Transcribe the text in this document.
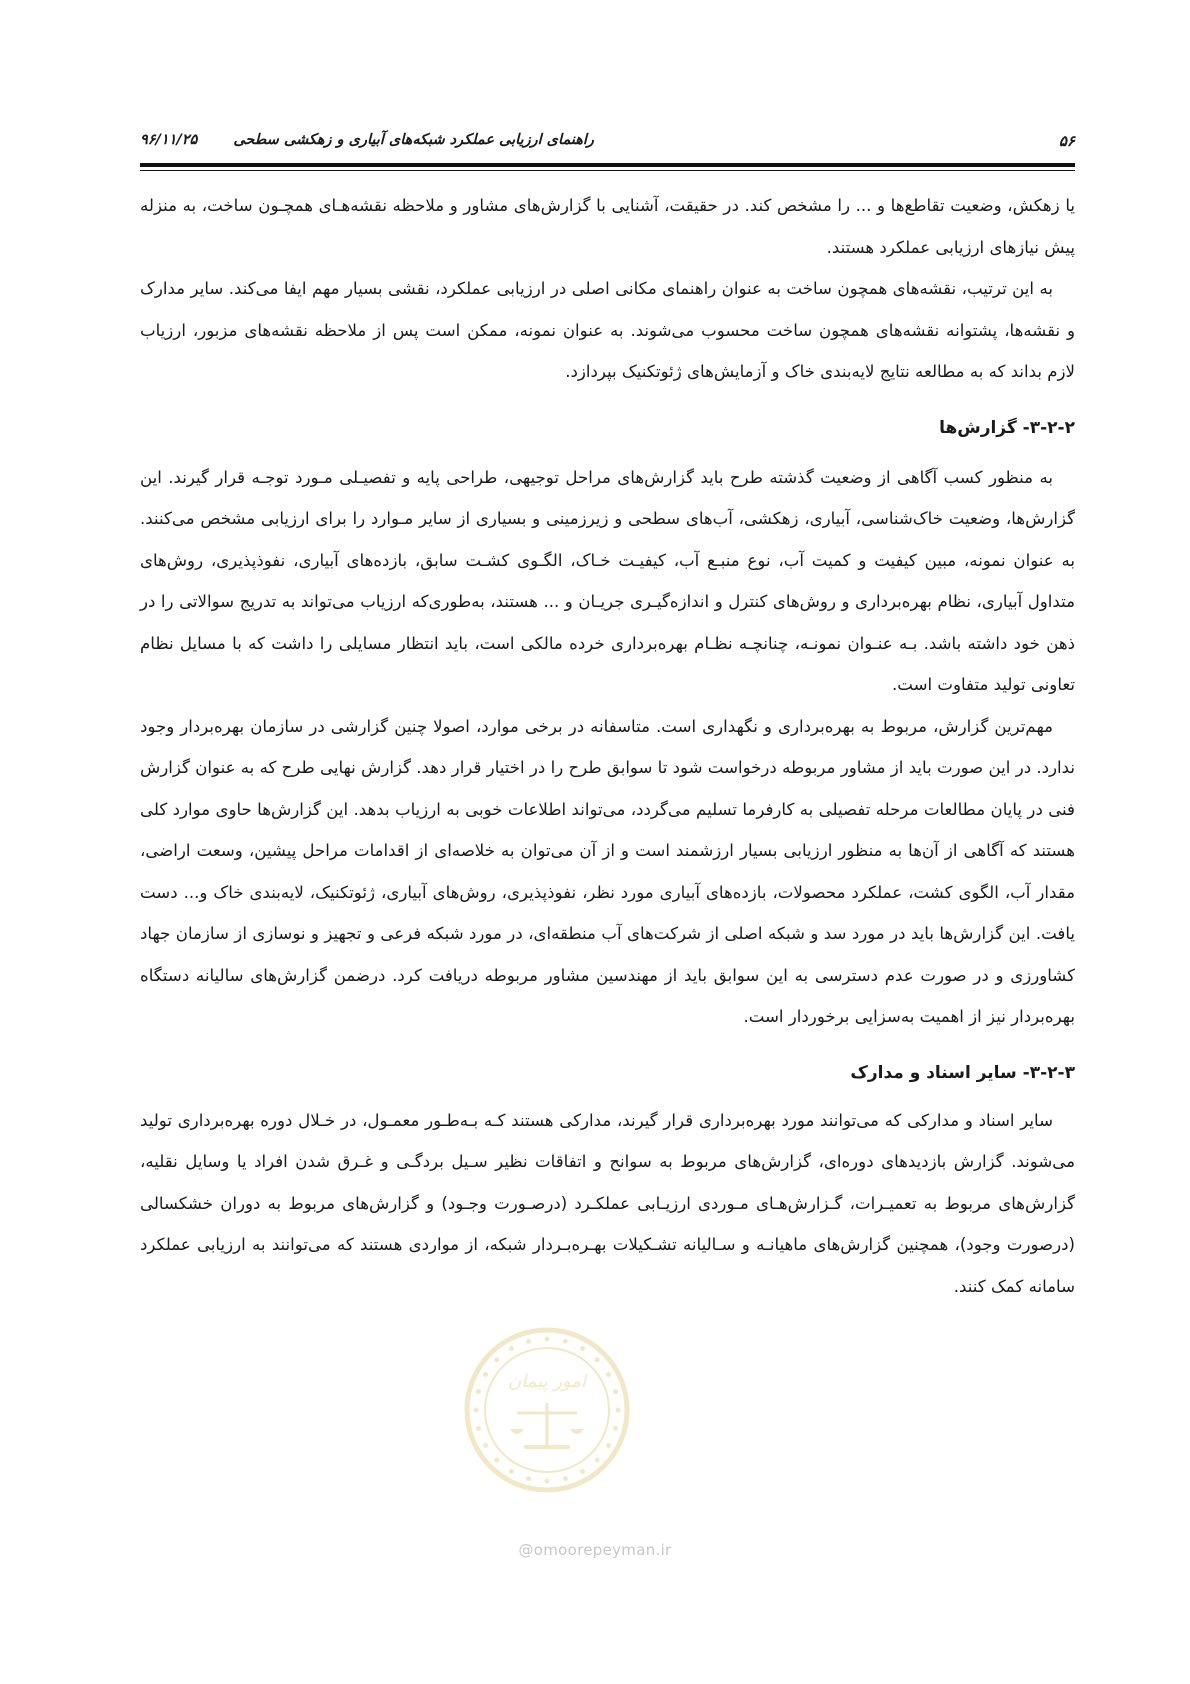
۵۶
راهنمای ارزیابی عملکرد شبکه‌های آبیاری و زهکشی سطحی۹۶/۱۱/۲۵

یا زهکش، وضعیت تقاطع‌ها و ... را مشخص کند. در حقیقت، آشنایی با گزارش‌های مشاور و ملاحظه نقشه‌هـای همچـون ساخت، به منزله پیش نیازهای ارزیابی عملکرد هستند.

به این ترتیب، نقشه‌های همچون ساخت به عنوان راهنمای مکانی اصلی در ارزیابی عملکرد، نقشی بسیار مهم ایفا می‌کند. سایر مدارک و نقشه‌ها، پشتوانه نقشه‌های همچون ساخت محسوب می‌شوند. به عنوان نمونه، ممکن است پس از ملاحظه نقشه‌های مزبور، ارزیاب لازم بداند که به مطالعه نتایج لایه‌بندی خاک و آزمایش‌های ژئوتکنیک بپردازد.

۳-۲-۲- گزارش‌ها

به منظور کسب آگاهی از وضعیت گذشته طرح باید گزارش‌های مراحل توجیهی، طراحی پایه و تفصیـلی مـورد توجـه قرار گیرند. این گزارش‌ها، وضعیت خاک‌شناسی، آبیاری، زهکشی، آب‌های سطحی و زیرزمینی و بسیاری از سایر مـوارد را برای ارزیابی مشخص می‌کنند. به عنوان نمونه، مبین کیفیت و کمیت آب، نوع منبـع آب، کیفیـت خـاک، الگـوی کشـت سابق، بازده‌های آبیاری، نفوذپذیری، روش‌های متداول آبیاری، نظام بهره‌برداری و روش‌های کنترل و اندازه‌گیـری جریـان و ... هستند، به‌طوری‌که ارزیاب می‌تواند به تدریج سوالاتی را در ذهن خود داشته باشد. بـه عنـوان نمونـه، چنانچـه نظـام بهره‌برداری خرده مالکی است، باید انتظار مسایلی را داشت که با مسایل نظام تعاونی تولید متفاوت است.

مهم‌ترین گزارش، مربوط به بهره‌برداری و نگهداری است. متاسفانه در برخی موارد، اصولا چنین گزارشی در سازمان بهره‌بردار وجود ندارد. در این صورت باید از مشاور مربوطه درخواست شود تا سوابق طرح را در اختیار قرار دهد. گزارش نهایی طرح که به عنوان گزارش فنی در پایان مطالعات مرحله تفصیلی به کارفرما تسلیم می‌گردد، می‌تواند اطلاعات خوبی به ارزیاب بدهد. این گزارش‌ها حاوی موارد کلی هستند که آگاهی از آن‌ها به منظور ارزیابی بسیار ارزشمند است و از آن می‌توان به خلاصه‌ای از اقدامات مراحل پیشین، وسعت اراضی، مقدار آب، الگوی کشت، عملکرد محصولات، بازده‌های آبیاری مورد نظر، نفوذپذیری، روش‌های آبیاری، ژئوتکنیک، لایه‌بندی خاک و... دست یافت. این گزارش‌ها باید در مورد سد و شبکه اصلی از شرکت‌های آب منطقه‌ای، در مورد شبکه فرعی و تجهیز و نوسازی از سازمان جهاد کشاورزی و در صورت عدم دسترسی به این سوابق باید از مهندسین مشاور مربوطه دریافت کرد. درضمن گزارش‌های سالیانه دستگاه بهره‌بردار نیز از اهمیت به‌سزایی برخوردار است.

۳-۲-۳- سایر اسناد و مدارک

سایر اسناد و مدارکی که می‌توانند مورد بهره‌برداری قرار گیرند، مدارکی هستند کـه بـه‌طـور معمـول، در خـلال دوره بهره‌برداری تولید می‌شوند. گزارش بازدیدهای دوره‌ای، گزارش‌های مربوط به سوانح و اتفاقات نظیر سـیل بردگـی و غـرق شدن افراد یا وسایل نقلیه، گزارش‌های مربوط به تعمیـرات، گـزارش‌هـای مـوردی ارزیـابی عملکـرد (درصـورت وجـود) و گزارش‌های مربوط به دوران خشکسالی (درصورت وجود)، همچنین گزارش‌های ماهیانـه و سـالیانه تشـکیلات بهـره‌بـردار شبکه، از مواردی هستند که می‌توانند به ارزیابی عملکرد سامانه کمک کنند.

امور پیمان
@omoorepeyman.ir
